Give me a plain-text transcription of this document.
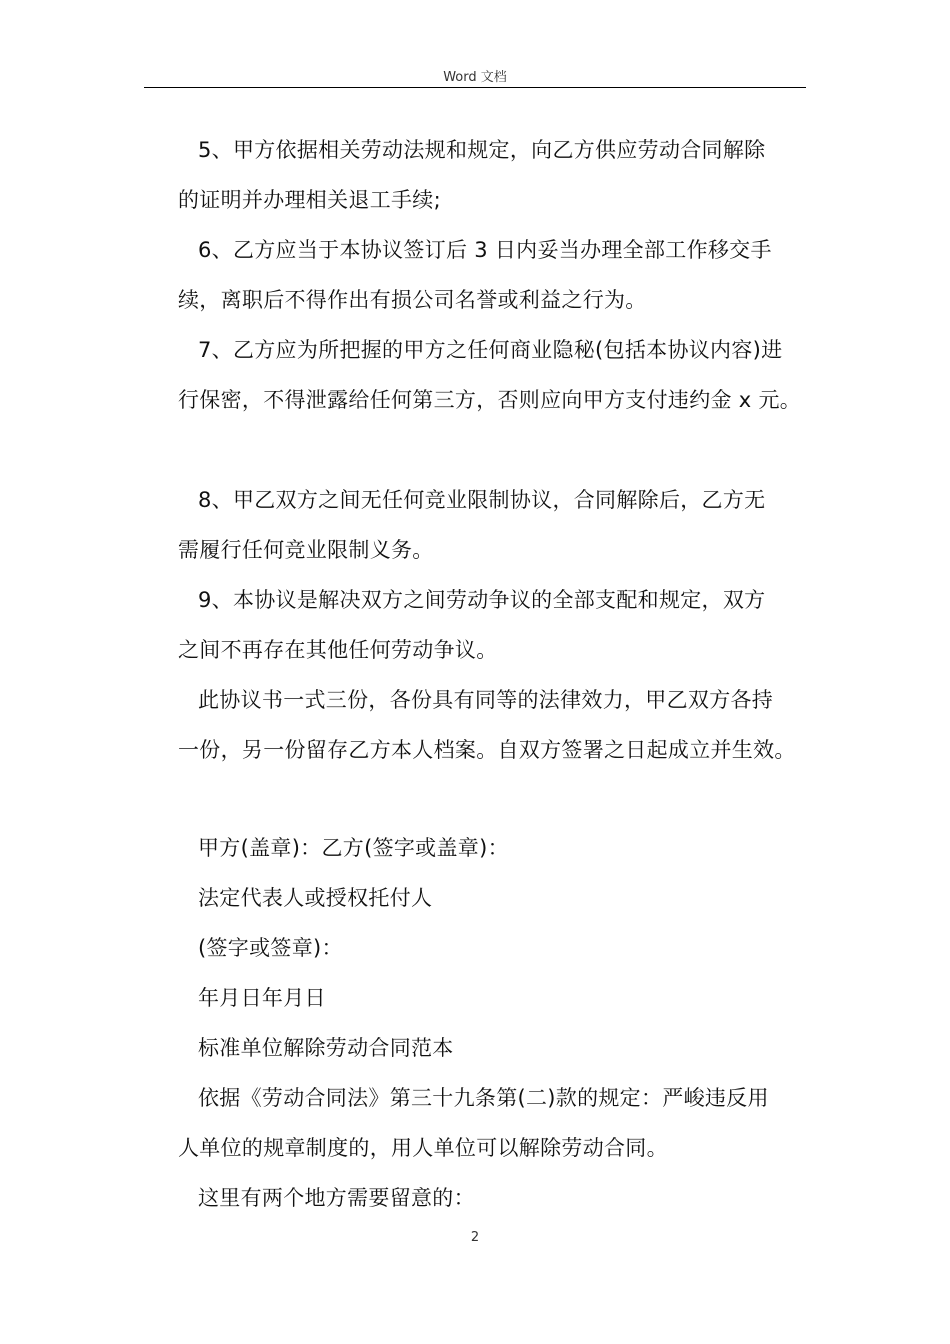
Word 文档
5、甲方依据相关劳动法规和规定，向乙方供应劳动合同解除
的证明并办理相关退工手续;
6、乙方应当于本协议签订后 3 日内妥当办理全部工作移交手
续，离职后不得作出有损公司名誉或利益之行为。
7、乙方应为所把握的甲方之任何商业隐秘(包括本协议内容)进
行保密，不得泄露给任何第三方，否则应向甲方支付违约金 x 元。
8、甲乙双方之间无任何竞业限制协议，合同解除后，乙方无
需履行任何竞业限制义务。
9、本协议是解决双方之间劳动争议的全部支配和规定，双方
之间不再存在其他任何劳动争议。
此协议书一式三份，各份具有同等的法律效力，甲乙双方各持
一份，另一份留存乙方本人档案。自双方签署之日起成立并生效。
甲方(盖章)：乙方(签字或盖章)：
法定代表人或授权托付人
(签字或签章)：
年月日年月日
标准单位解除劳动合同范本
依据《劳动合同法》第三十九条第(二)款的规定：严峻违反用
人单位的规章制度的，用人单位可以解除劳动合同。
这里有两个地方需要留意的：
2
